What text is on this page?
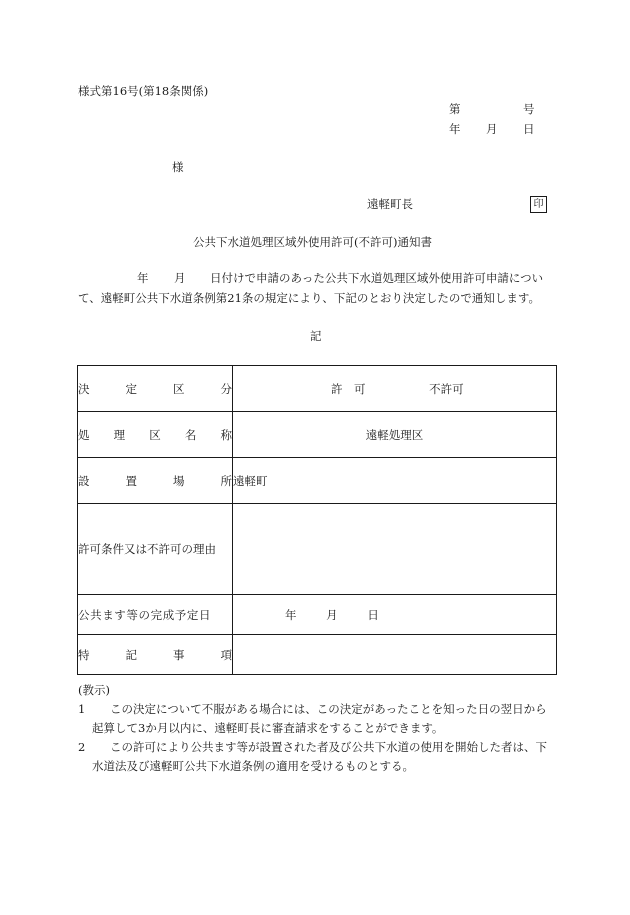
様式第16号(第18条関係)
第	号
年 月 日
様
遠軽町長	印
公共下水道処理区域外使用許可(不許可)通知書
年 月 日付けで申請のあった公共下水道処理区域外使用許可申請につい
て、遠軽町公共下水道条例第21条の規定により、下記のとおり決定したので通知します。
記
決 定 区 分	許　可 不許可

処 理 区 名 称	遠軽処理区

設 置 場 所	遠軽町
許可条件又は不許可の理由	
公共ます等の完成予定日	年 月 日

特 記 事 項	

(教示)
1	この決定について不服がある場合には、この決定があったことを知った日の翌日から起算して3か月以内に、遠軽町長に審査請求をすることができます。
2	この許可により公共ます等が設置された者及び公共下水道の使用を開始した者は、下水道法及び遠軽町公共下水道条例の適用を受けるものとする。
